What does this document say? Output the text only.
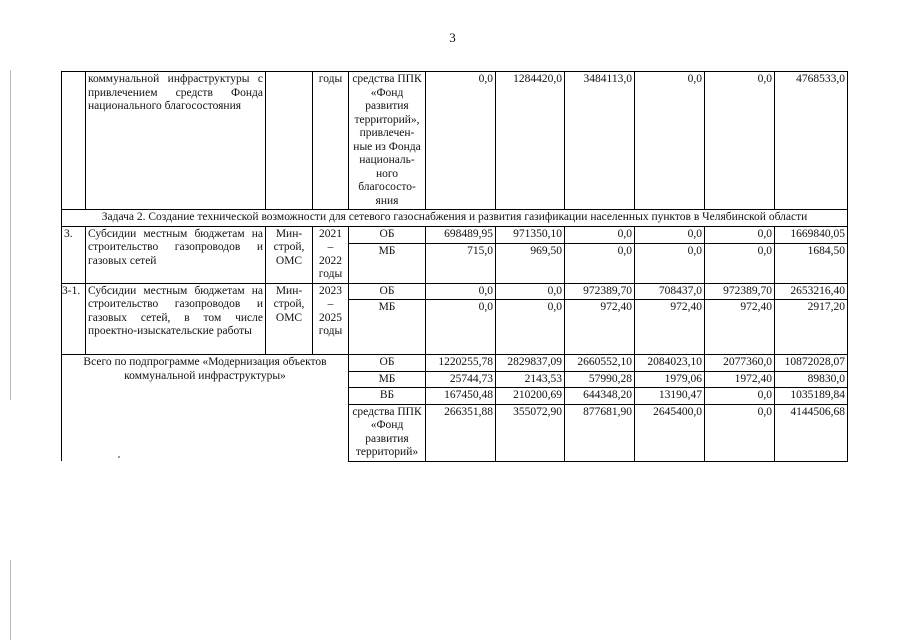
3
	коммунальной инфраструктуры с привлечением средств Фонда национального благосостояния		годы	средства ППК «Фонд развития территорий», привлечен-ные из Фонда националь-ного благососто-яния	0,0	1284420,0	3484113,0	0,0	0,0	4768533,0
Задача 2. Создание технической возможности для сетевого газоснабжения и развития газификации населенных пунктов в Челябинской области										
3.	Субсидии местным бюджетам на строительство газопроводов и газовых сетей	Мин-строй, ОМС	2021 – 2022 годы	ОБ	698489,95	971350,10	0,0	0,0	0,0	1669840,05
				МБ	715,0	969,50	0,0	0,0	0,0	1684,50
3-1.	Субсидии местным бюджетам на строительство газопроводов и газовых сетей, в том числе проектно-изыскательские работы	Мин-строй, ОМС	2023 – 2025 годы	ОБ	0,0	0,0	972389,70	708437,0	972389,70	2653216,40
				МБ	0,0	0,0	972,40	972,40	972,40	2917,20
Всего по подпрограмме «Модернизация объектов коммунальной инфраструктуры»				ОБ	1220255,78	2829837,09	2660552,10	2084023,10	2077360,0	10872028,07
				МБ	25744,73	2143,53	57990,28	1979,06	1972,40	89830,0
				ВБ	167450,48	210200,69	644348,20	13190,47	0,0	1035189,84
				средства ППК «Фонд развития территорий»	266351,88	355072,90	877681,90	2645400,0	0,0	4144506,68
